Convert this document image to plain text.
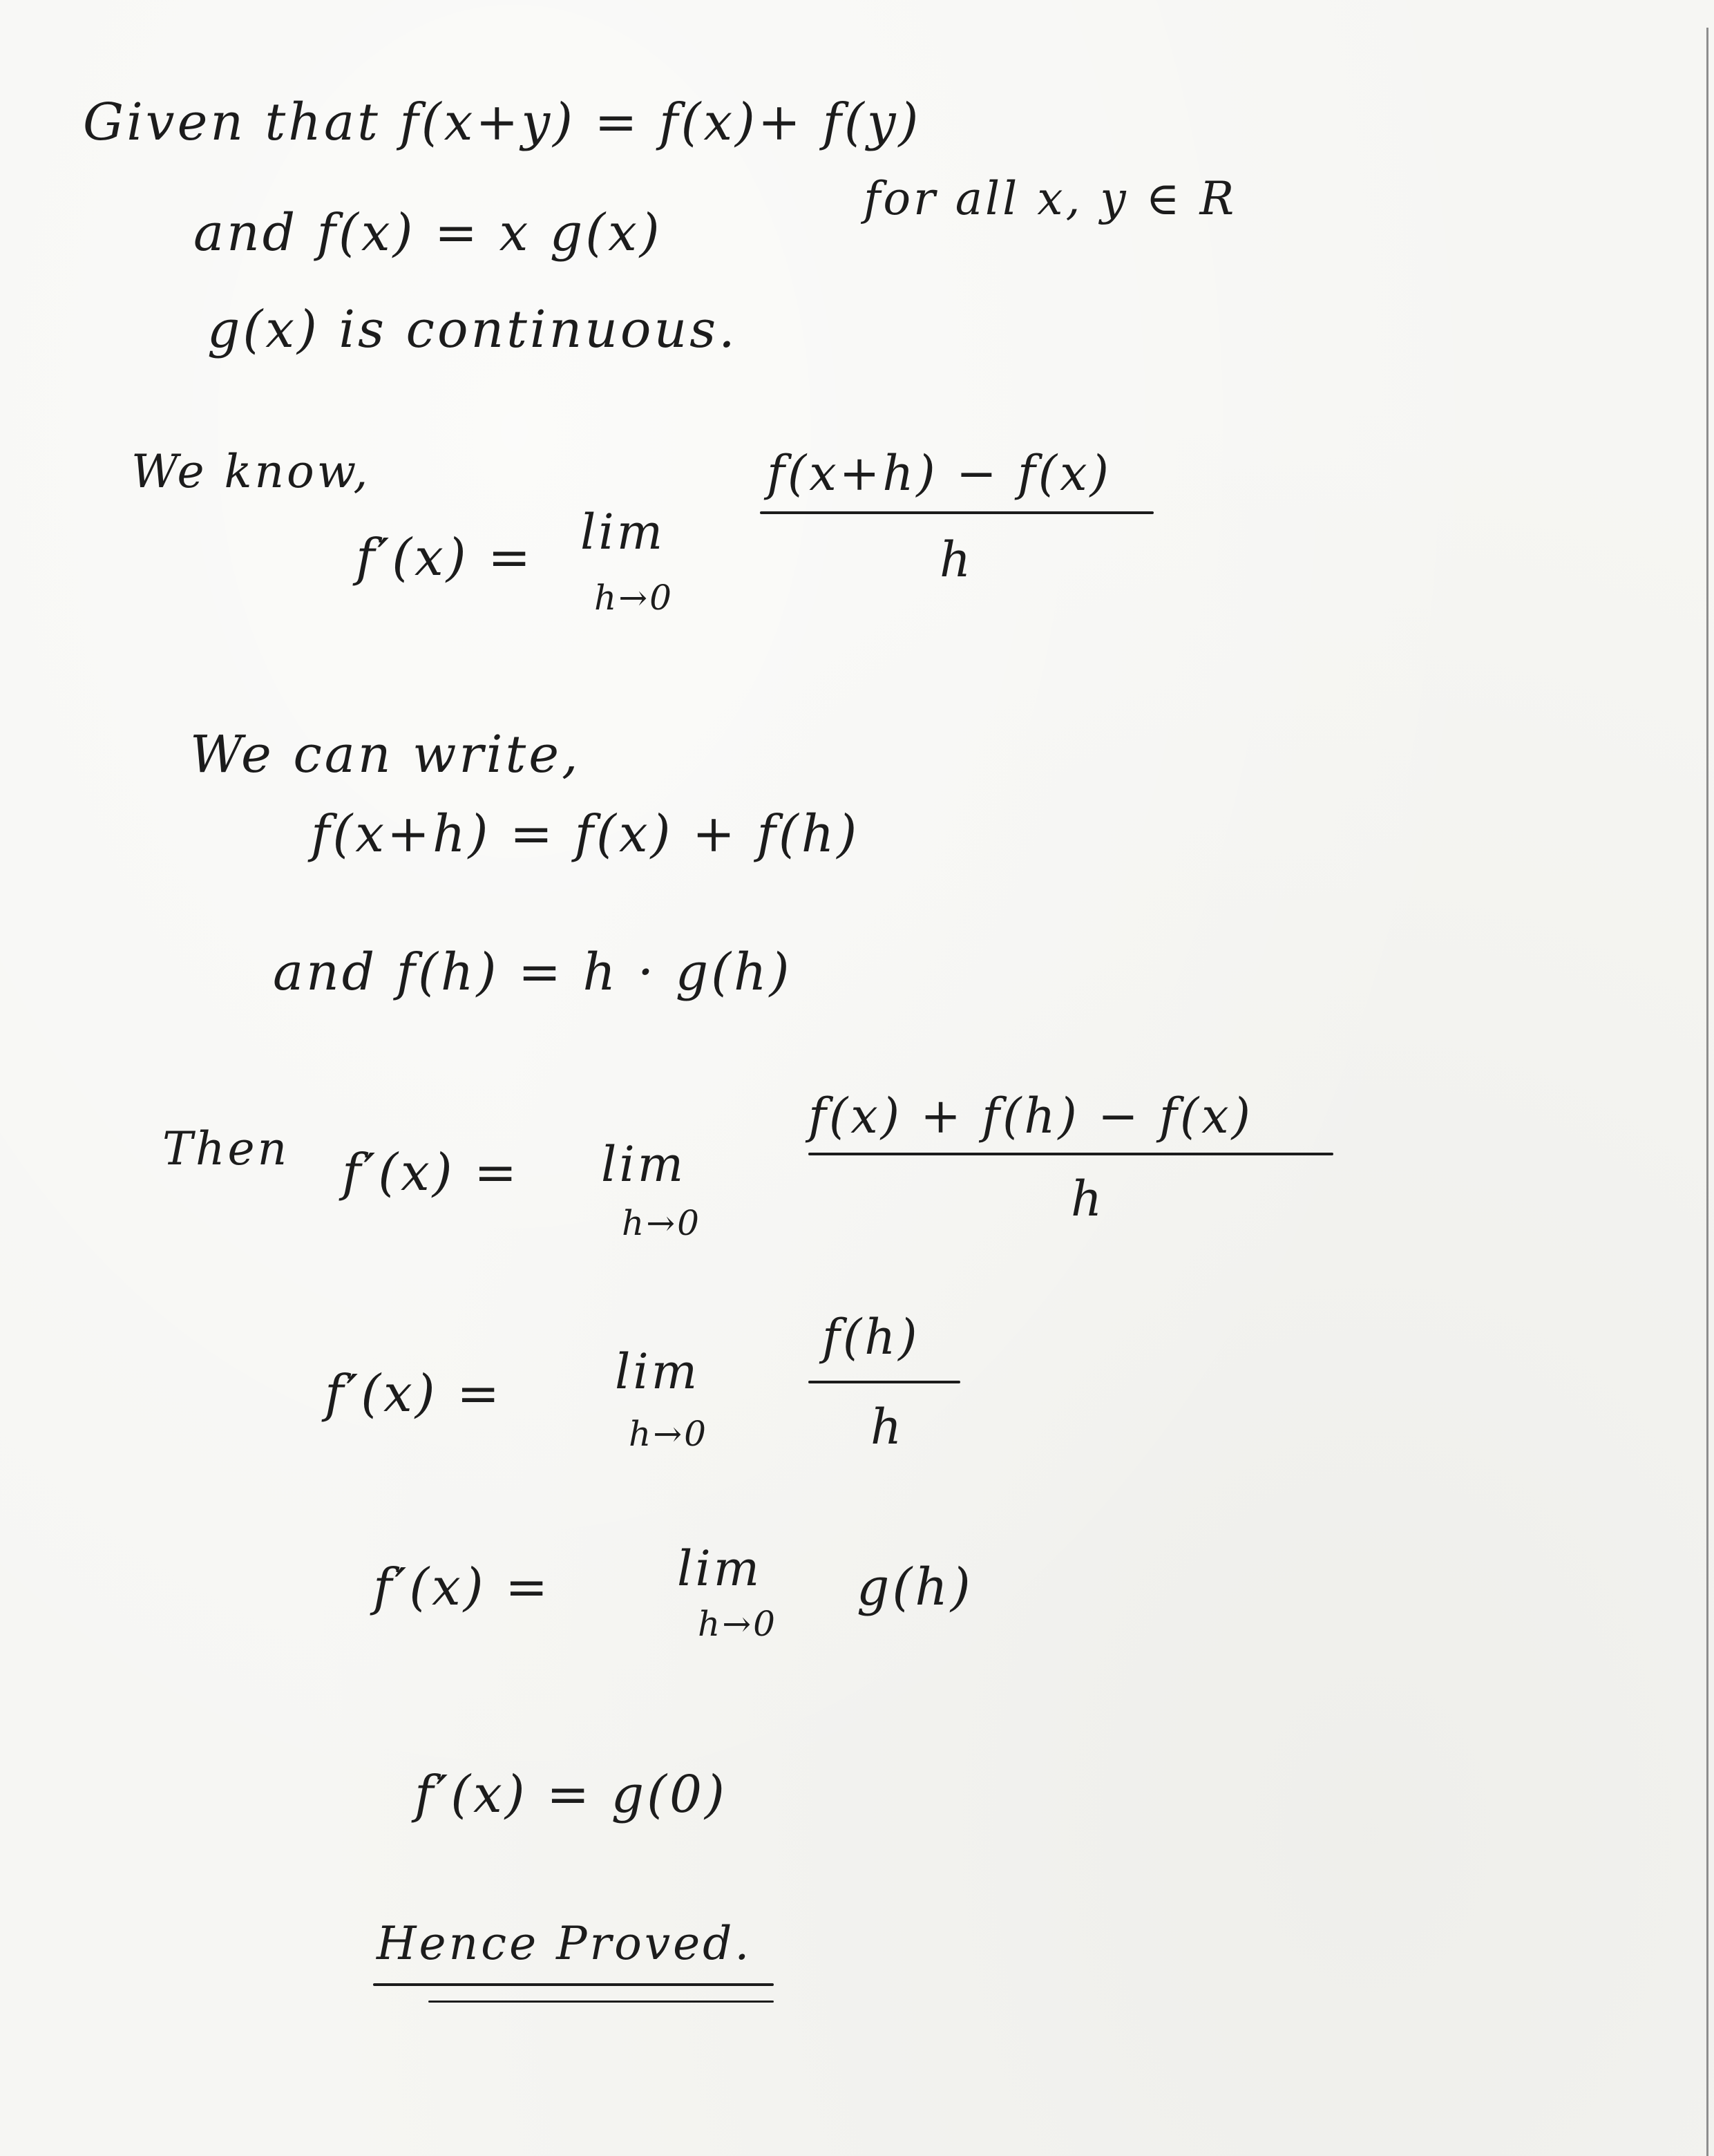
Given that f(x+y) = f(x)+ f(y)
and f(x) = x g(x)
for all x, y ∈ R
g(x) is continuous.
We know,
f′(x) = lim
h→0
f(x+h) − f(x)
h
We can write,
f(x+h) = f(x) + f(h)
and f(h) = h · g(h)
Then f′(x) = lim
h→0
f(x) + f(h) − f(x)
h
f′(x) = lim
h→0
f(h)
h
f′(x) =	lim
h→0
g(h)
f′(x) = g(0)
Hence Proved.
